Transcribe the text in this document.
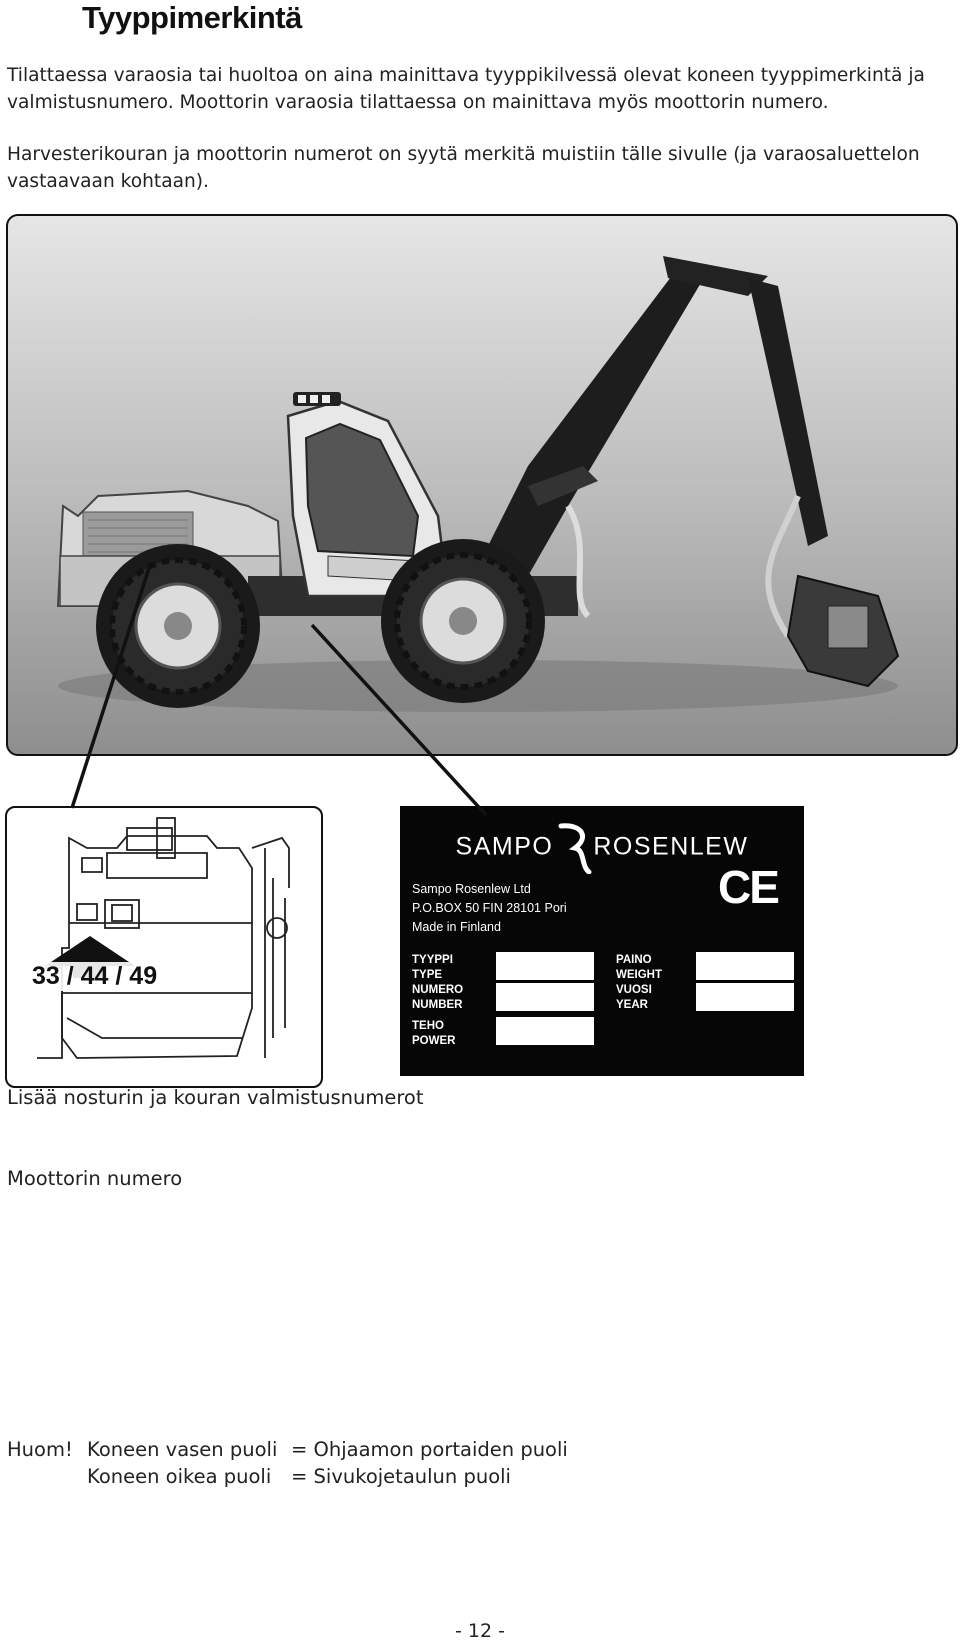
Tyyppimerkintä

Tilattaessa varaosia tai huoltoa on aina mainittava tyyppikilvessä olevat koneen tyyppimerkintä ja valmistusnumero. Moottorin varaosia tilattaessa on mainittava myös moottorin numero.

Harvesterikouran ja moottorin numerot on syytä merkitä muistiin tälle sivulle (ja varaosaluettelon vastaavaan kohtaan).

33 / 44 / 49
SAMPO ROSENLEW
CE
Sampo Rosenlew Ltd
P.O.BOX 50 FIN 28101 Pori
Made in Finland
TYYPPI
TYPE
NUMERO
NUMBER
TEHO
POWER
PAINO
WEIGHT
VUOSI
YEAR

Lisää nosturin ja kouran valmistusnumerot

Moottorin numero

Huom! Koneen vasen puoli = Ohjaamon portaiden puoli
Koneen oikea puoli	= Sivukojetaulun puoli
- 12 -
